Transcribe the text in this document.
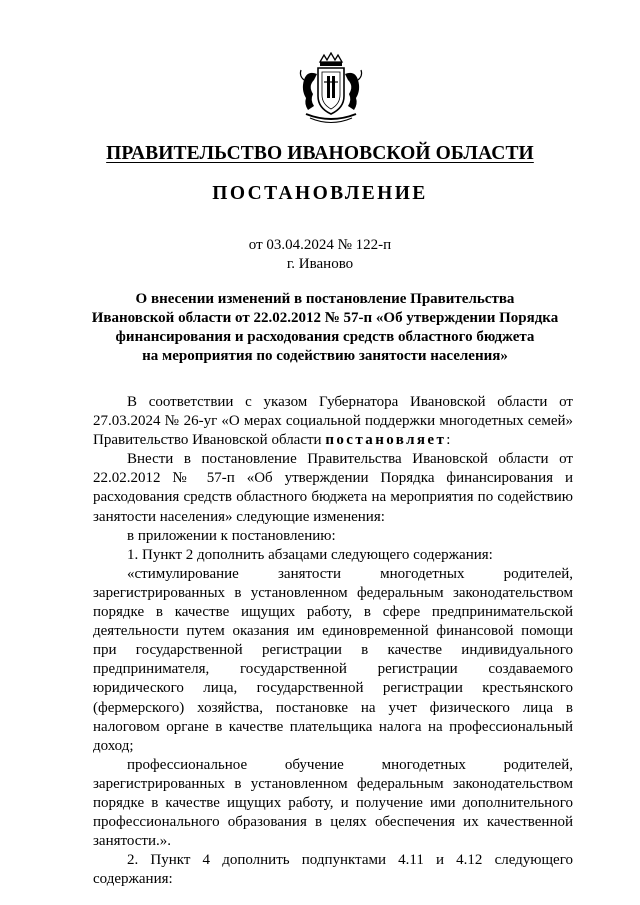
ПРАВИТЕЛЬСТВО ИВАНОВСКОЙ ОБЛАСТИ
ПОСТАНОВЛЕНИЕ
от 03.04.2024 № 122-п
г. Иваново
О внесении изменений в постановление Правительства
Ивановской области от 22.02.2012 № 57-п «Об утверждении Порядка
финансирования и расходования средств областного бюджета
на мероприятия по содействию занятости населения»

В соответствии с указом Губернатора Ивановской области от 27.03.2024 № 26-уг «О мерах социальной поддержки многодетных семей» Правительство Ивановской области постановляет:

Внести в постановление Правительства Ивановской области от 22.02.2012 № 57-п «Об утверждении Порядка финансирования и расходования средств областного бюджета на мероприятия по содействию занятости населения» следующие изменения:

в приложении к постановлению:

1. Пункт 2 дополнить абзацами следующего содержания:

«стимулирование занятости многодетных родителей, зарегистрированных в установленном федеральным законодательством порядке в качестве ищущих работу, в сфере предпринимательской деятельности путем оказания им единовременной финансовой помощи при государственной регистрации в качестве индивидуального предпринимателя, государственной регистрации создаваемого юридического лица, государственной регистрации крестьянского (фермерского) хозяйства, постановке на учет физического лица в налоговом органе в качестве плательщика налога на профессиональный доход;

профессиональное обучение многодетных родителей, зарегистрированных в установленном федеральным законодательством порядке в качестве ищущих работу, и получение ими дополнительного профессионального образования в целях обеспечения их качественной занятости.».

2. Пункт 4 дополнить подпунктами 4.11 и 4.12 следующего содержания:
